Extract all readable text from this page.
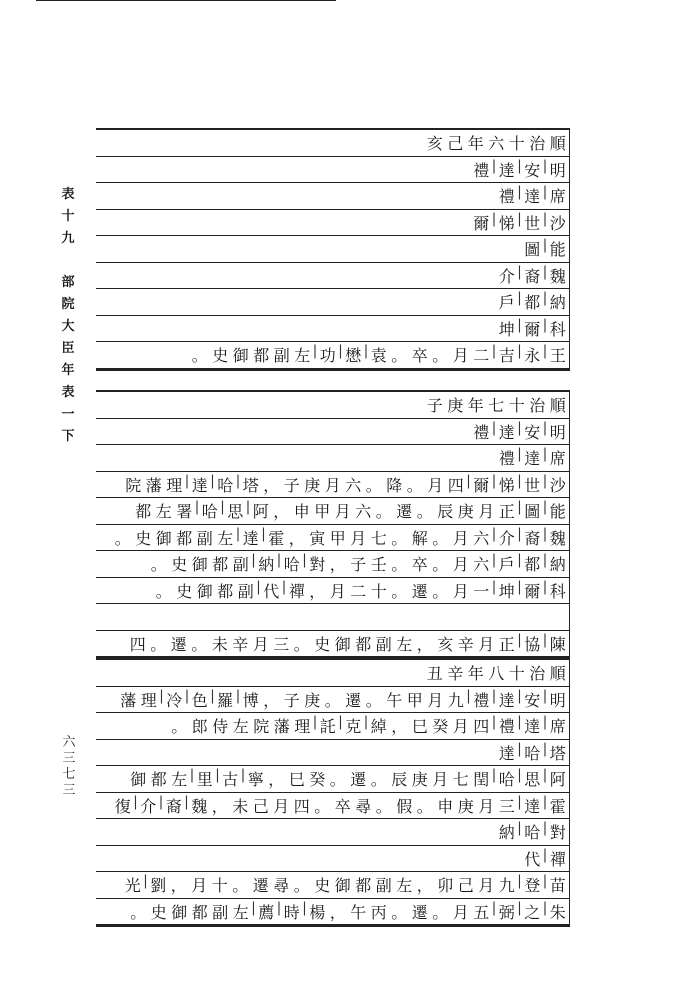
表
十
九

部
院
大
臣
年
表
一
下
六
三
七
三
順
治
十
六
年
己
亥
明
|
安
|
達
|
禮
席
|
達
|
禮
沙
|
世
|
悌
|
爾
能
|
圖
魏
|
裔
|
介
納
|
都
|
戶
科
|
爾
|
坤
王
|
永
|
吉
|
二
月
。
卒
。
袁
|
懋
|
功
|
左
副
都
御
史
。
順
治
十
七
年
庚
子
明
|
安
|
達
|
禮
席
|
達
|
禮
沙
|
世
|
悌
|
爾
|
四
月
。
降
。
六
月
庚
子
，
塔
|
哈
|
達
|
理
藩
院
能
|
圖
|
正
月
庚
辰
。
遷
。
六
月
甲
申
，
阿
|
思
|
哈
|
署
左
都
魏
|
裔
|
介
|
六
月
。
解
。
七
月
甲
寅
，
霍
|
達
|
左
副
都
御
史
。
納
|
都
|
戶
|
六
月
。
卒
。
壬
子
，
對
|
哈
|
納
|
副
都
御
史
。
科
|
爾
|
坤
|
一
月
。
遷
。
十
二
月
，
禪
|
代
|
副
都
御
史
。
陳
|
協
|
正
月
辛
亥
，
左
副
都
御
史
。
三
月
辛
未
。
遷
。
四
順
治
十
八
年
辛
丑
明
|
安
|
達
|
禮
|
九
月
甲
午
。
遷
。
庚
子
，
博
|
羅
|
色
|
冷
|
理
藩
席
|
達
|
禮
|
四
月
癸
巳
，
綽
|
克
|
託
|
理
藩
院
左
侍
郎
。
塔
|
哈
|
達
阿
|
思
|
哈
|
閏
七
月
庚
辰
。
遷
。
癸
巳
，
寧
|
古
|
里
|
左
都
御
霍
|
達
|
三
月
庚
申
。
假
。
尋
卒
。
四
月
己
未
，
魏
|
裔
|
介
|
復
對
|
哈
|
納
禪
|
代
苗
|
登
|
九
月
己
卯
，
左
副
都
御
史
。
尋
遷
。
十
月
，
劉
|
光
朱
|
之
|
弼
|
五
月
。
遷
。
丙
午
，
楊
|
時
|
薦
|
左
副
都
御
史
。
